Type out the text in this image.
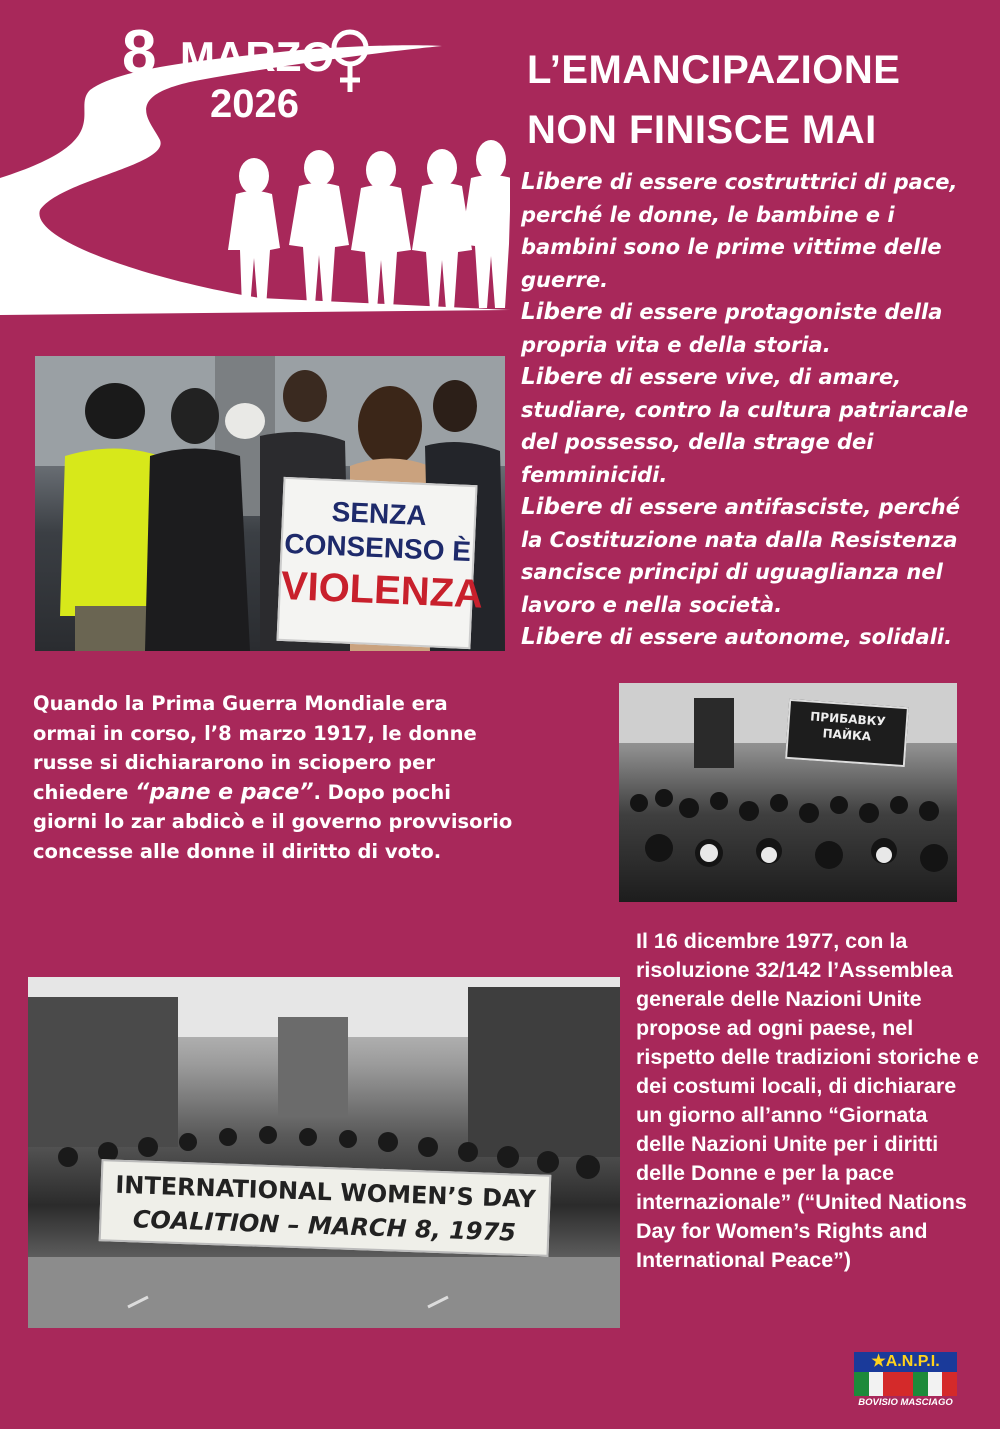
8 MARZO
2026
L’EMANCIPAZIONE
NON FINISCE MAI

Libere di essere costruttrici di pace, perché le donne, le bambine e i bambini sono le prime vittime delle guerre.

Libere di essere protagoniste della propria vita e della storia.

Libere di essere vive, di amare, studiare, contro la cultura patriarcale del possesso, della strage dei femminicidi.

Libere di essere antifasciste, perché la Costituzione nata dalla Resistenza sancisce principi di uguaglianza nel lavoro e nella società.

Libere di essere autonome, solidali.

SENZA
CONSENSO È
VIOLENZA
Quando la Prima Guerra Mondiale era ormai in corso, l’8 marzo 1917, le donne russe si dichiararono in sciopero per chiedere “pane e pace”. Dopo pochi giorni lo zar abdicò e il governo provvisorio concesse alle donne il diritto di voto.
ПРИБАВКУ ПАЙКА
Il 16 dicembre 1977, con la risoluzione 32/142 l’Assemblea generale delle Nazioni Unite propose ad ogni paese, nel rispetto delle tradizioni storiche e dei costumi locali, di dichiarare un giorno all’anno “Giornata delle Nazioni Unite per i diritti delle Donne e per la pace internazionale” (“United Nations Day for Women’s Rights and International Peace”)
INTERNATIONAL WOMEN’S DAY
COALITION – MARCH 8, 1975
★A.N.P.I.
BOVISIO MASCIAGO
